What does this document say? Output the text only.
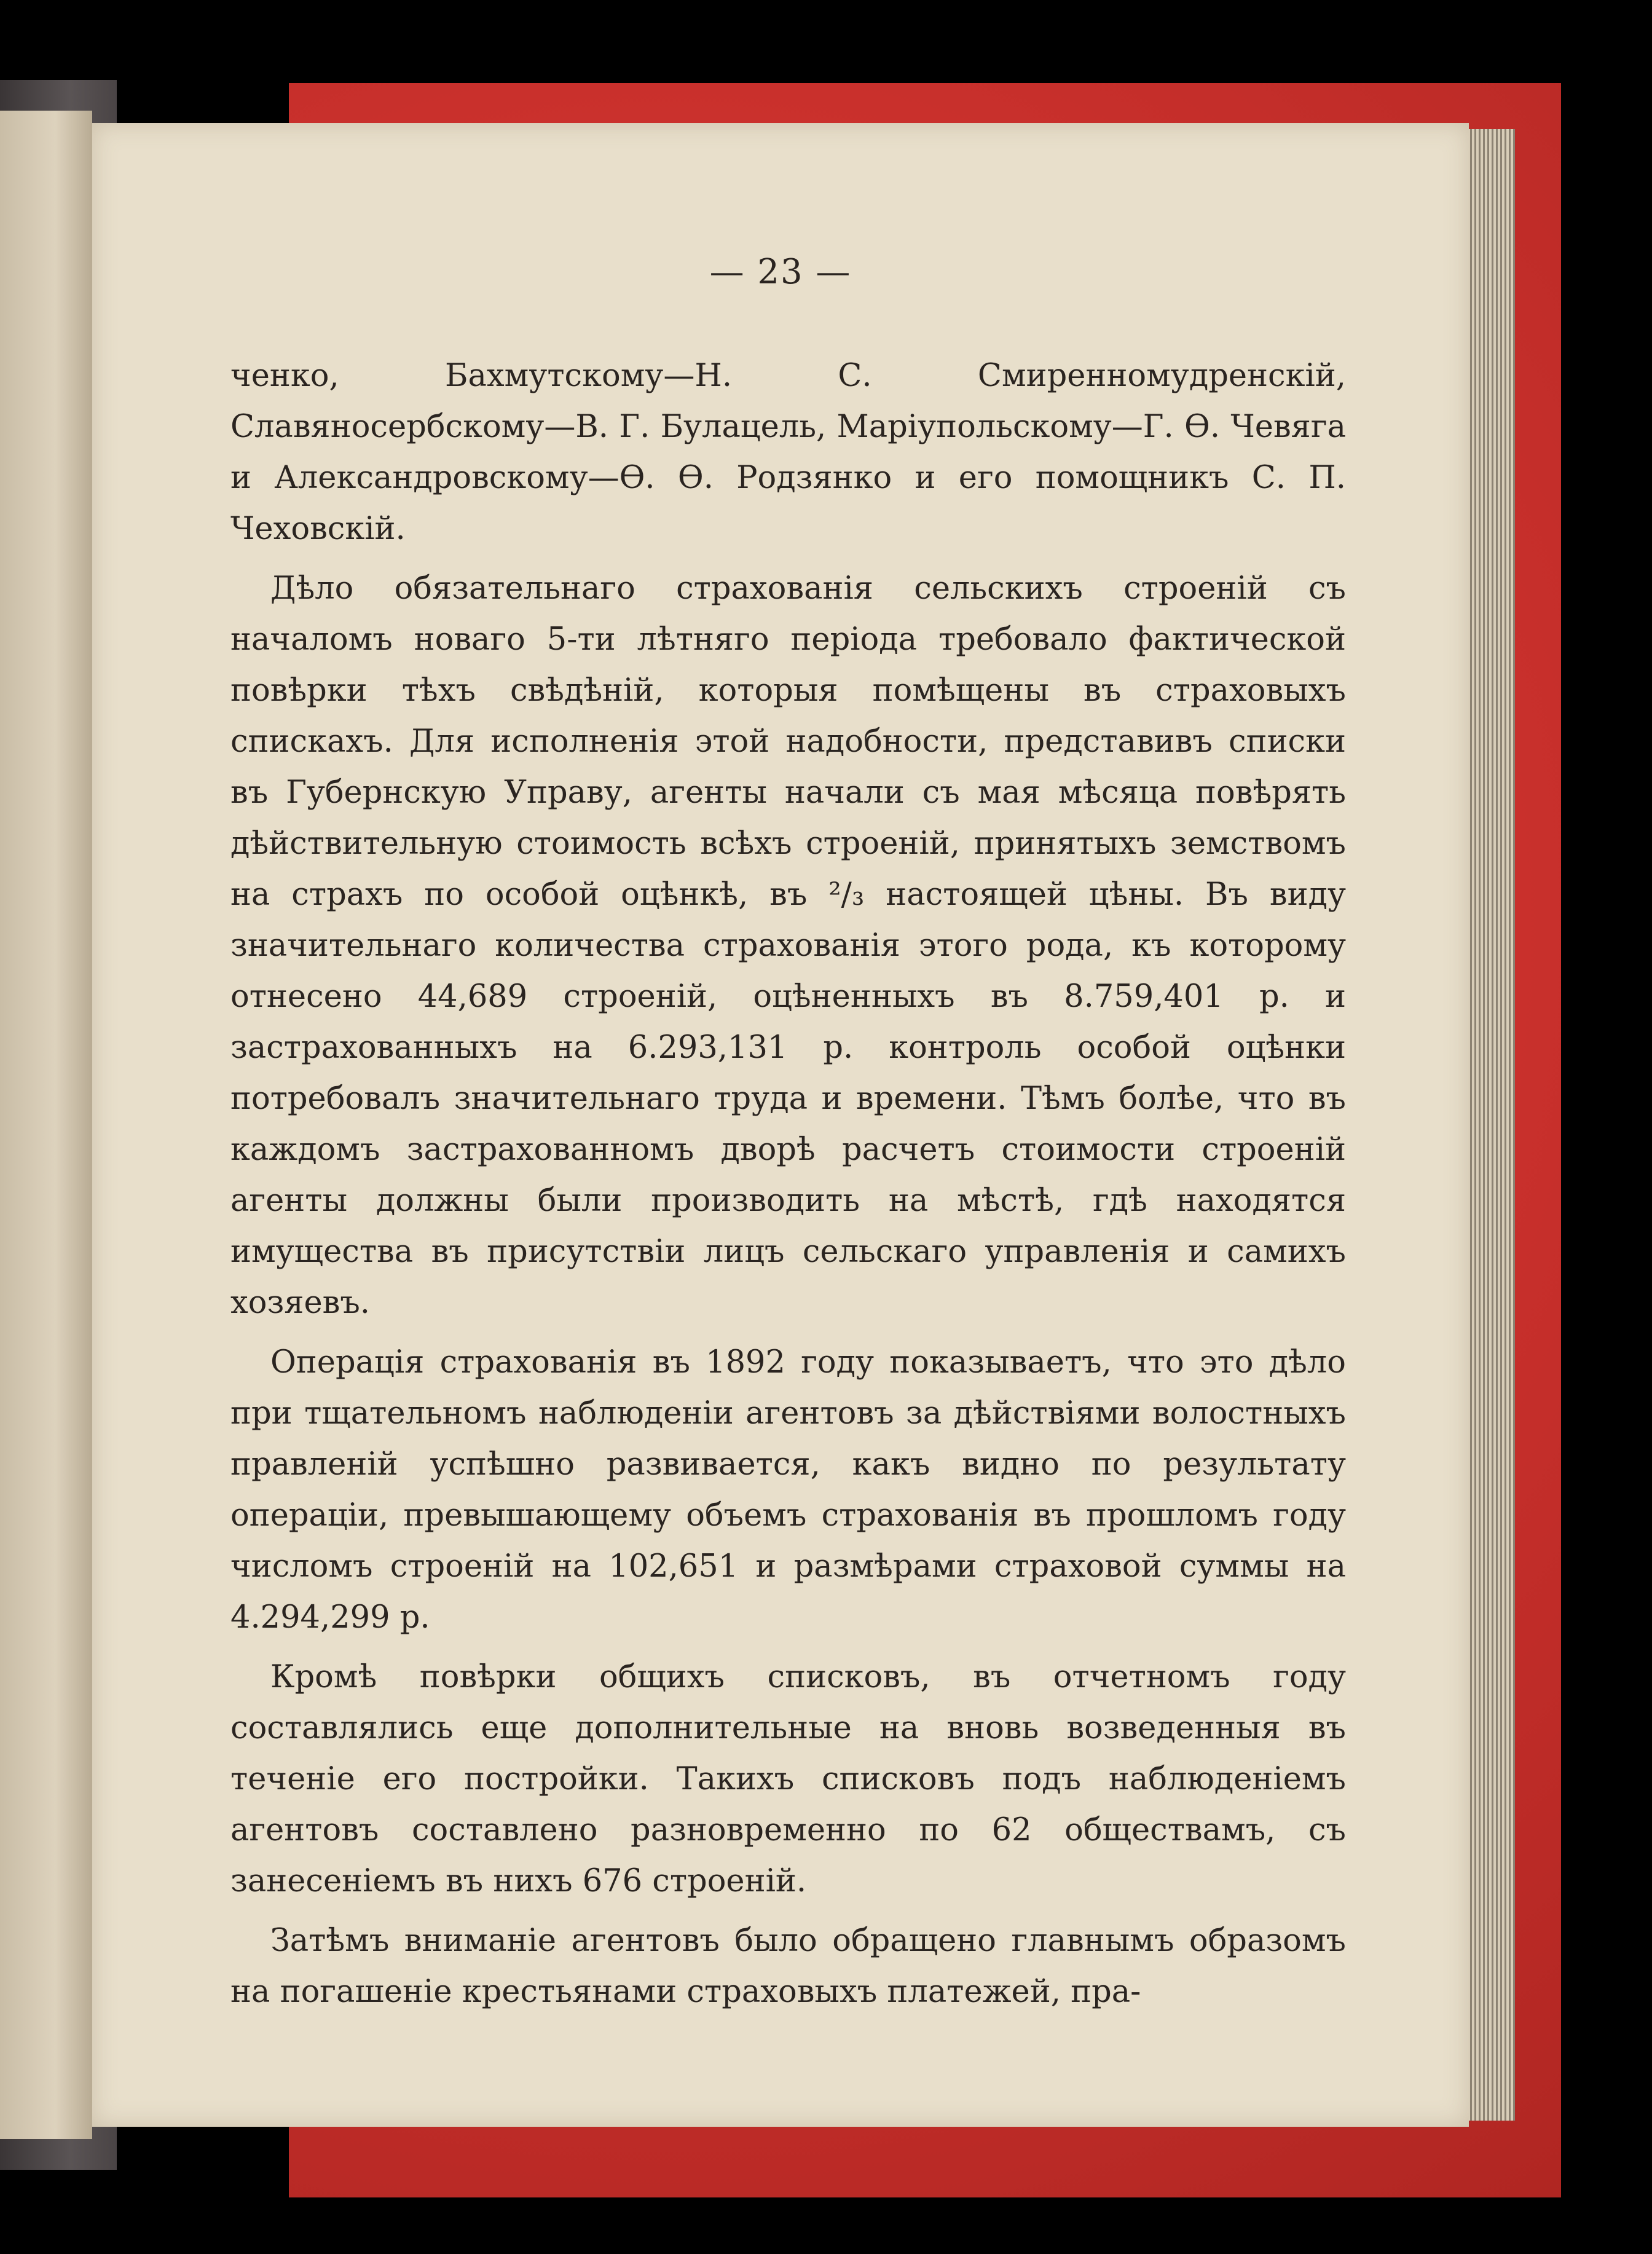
— 23 —

ченко, Бахмутскому—Н. С. Смиренномудренскій, Славяносербскому—В. Г. Булацель, Маріупольскому—Г. Ѳ. Чевяга и Александровскому—Ѳ. Ѳ. Родзянко и его помощникъ С. П. Чеховскій.

Дѣло обязательнаго страхованія сельскихъ строеній съ началомъ новаго 5-ти лѣтняго періода требовало фактической повѣрки тѣхъ свѣдѣній, которыя помѣщены въ страховыхъ спискахъ. Для исполненія этой надобности, представивъ списки въ Губернскую Управу, агенты начали съ мая мѣсяца повѣрять дѣйствительную стоимость всѣхъ строеній, принятыхъ земствомъ на страхъ по особой оцѣнкѣ, въ ²/₃ настоящей цѣны. Въ виду значительнаго количества страхованія этого рода, къ которому отнесено 44,689 строеній, оцѣненныхъ въ 8.759,401 р. и застрахованныхъ на 6.293,131 р. контроль особой оцѣнки потребовалъ значительнаго труда и времени. Тѣмъ болѣе, что въ каждомъ застрахованномъ дворѣ расчетъ стоимости строеній агенты должны были производить на мѣстѣ, гдѣ находятся имущества въ присутствіи лицъ сельскаго управленія и самихъ хозяевъ.

Операція страхованія въ 1892 году показываетъ, что это дѣло при тщательномъ наблюденіи агентовъ за дѣйствіями волостныхъ правленій успѣшно развивается, какъ видно по результату операціи, превышающему объемъ страхованія въ прошломъ году числомъ строеній на 102,651 и размѣрами страховой суммы на 4.294,299 р.

Кромѣ повѣрки общихъ списковъ, въ отчетномъ году составлялись еще дополнительные на вновь возведенныя въ теченіе его постройки. Такихъ списковъ подъ наблюденіемъ агентовъ составлено разновременно по 62 обществамъ, съ занесеніемъ въ нихъ 676 строеній.

Затѣмъ вниманіе агентовъ было обращено главнымъ образомъ на погашеніе крестьянами страховыхъ платежей, пра-
